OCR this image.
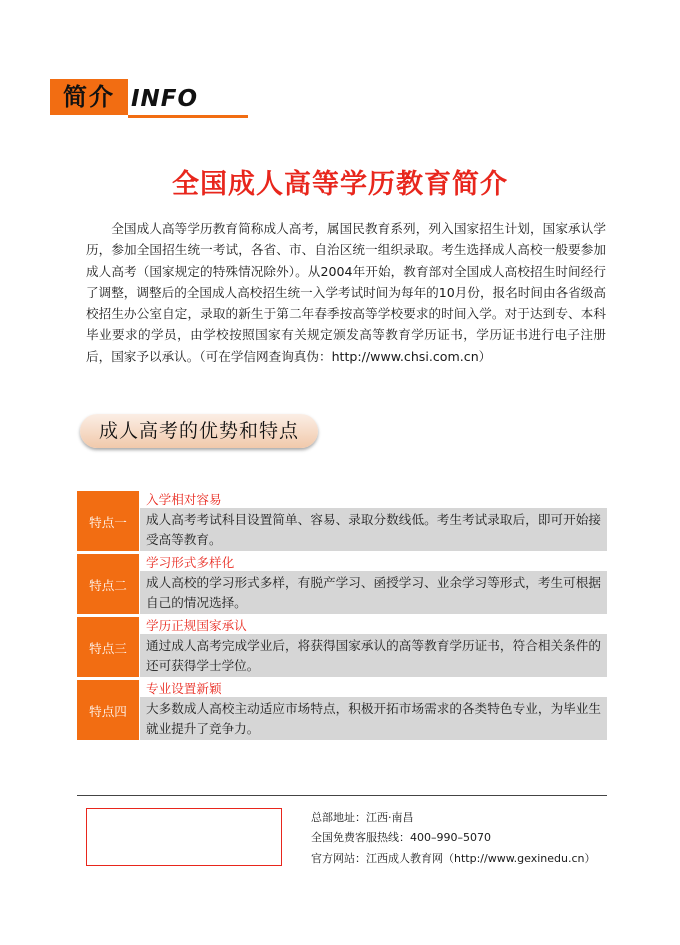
简介 INFO
全国成人高等学历教育简介
全国成人高等学历教育简称成人高考，属国民教育系列，列入国家招生计划，国家承认学历，参加全国招生统一考试，各省、市、自治区统一组织录取。考生选择成人高校一般要参加成人高考（国家规定的特殊情况除外）。从2004年开始，教育部对全国成人高校招生时间经行了调整，调整后的全国成人高校招生统一入学考试时间为每年的10月份，报名时间由各省级高校招生办公室自定，录取的新生于第二年春季按高等学校要求的时间入学。对于达到专、本科毕业要求的学员，由学校按照国家有关规定颁发高等教育学历证书，学历证书进行电子注册后，国家予以承认。（可在学信网查询真伪：http://www.chsi.com.cn）
成人高考的优势和特点
特点一
入学相对容易
成人高考考试科目设置简单、容易、录取分数线低。考生考试录取后，即可开始接受高等教育。
特点二
学习形式多样化
成人高校的学习形式多样，有脱产学习、函授学习、业余学习等形式，考生可根据自己的情况选择。
特点三
学历正规国家承认
通过成人高考完成学业后，将获得国家承认的高等教育学历证书，符合相关条件的还可获得学士学位。
特点四
专业设置新颖
大多数成人高校主动适应市场特点，积极开拓市场需求的各类特色专业，为毕业生就业提升了竞争力。
总部地址：江西·南昌
全国免费客服热线：400–990–5070
官方网站：江西成人教育网（http://www.gexinedu.cn）
